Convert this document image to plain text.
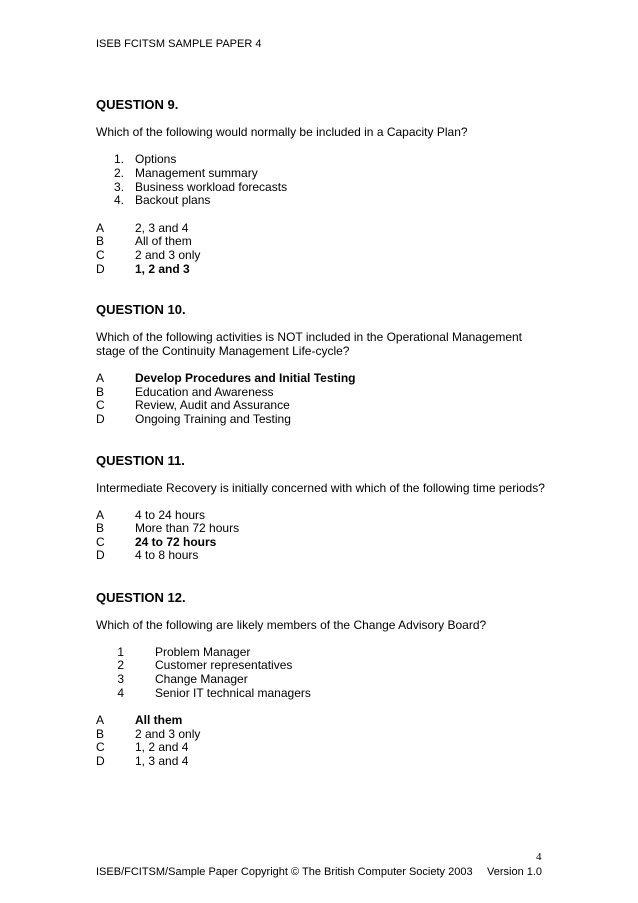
ISEB FCITSM SAMPLE PAPER 4
QUESTION 9.
Which of the following would normally be included in a Capacity Plan?
1. Options
2. Management summary
3. Business workload forecasts
4. Backout plans
A	2, 3 and 4
B	All of them
C	2 and 3 only
D	1, 2 and 3
QUESTION 10.
Which of the following activities is NOT included in the Operational Management
stage of the Continuity Management Life-cycle?
A	Develop Procedures and Initial Testing
B	Education and Awareness
C	Review, Audit and Assurance
D	Ongoing Training and Testing
QUESTION 11.
Intermediate Recovery is initially concerned with which of the following time periods?
A	4 to 24 hours
B	More than 72 hours
C	24 to 72 hours
D	4 to 8 hours
QUESTION 12.
Which of the following are likely members of the Change Advisory Board?
1	Problem Manager
2	Customer representatives
3	Change Manager
4	Senior IT technical managers
A	All them
B	2 and 3 only
C	1, 2 and 4
D	1, 3 and 4
4
ISEB/FCITSM/Sample Paper Copyright © The British Computer Society 2003 Version 1.0
